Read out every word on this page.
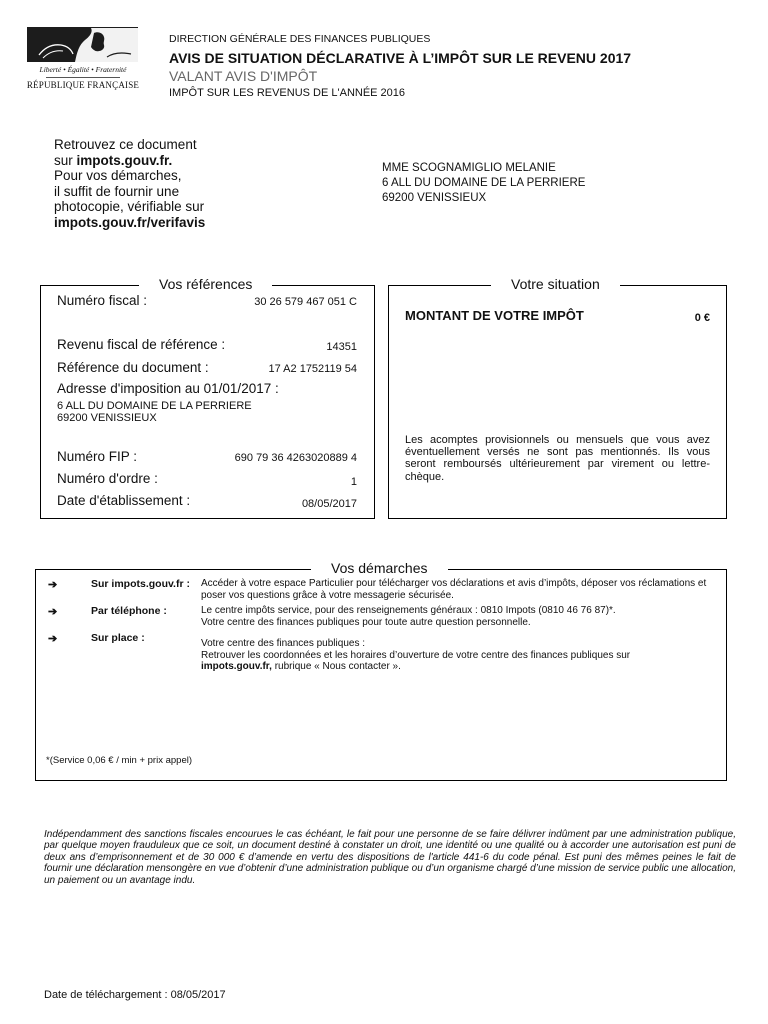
Liberté • Égalité • Fraternité
RÉPUBLIQUE FRANÇAISE
DIRECTION GÉNÉRALE DES FINANCES PUBLIQUES
AVIS DE SITUATION DÉCLARATIVE À L’IMPÔT SUR LE REVENU 2017
VALANT AVIS D'IMPÔT
IMPÔT SUR LES REVENUS DE L'ANNÉE 2016
Retrouvez ce document
sur impots.gouv.fr.
Pour vos démarches,
il suffit de fournir une
photocopie, vérifiable sur
impots.gouv.fr/verifavis
MME SCOGNAMIGLIO MELANIE
6 ALL DU DOMAINE DE LA PERRIERE
69200 VENISSIEUX
Vos références
Numéro fiscal :	30 26 579 467 051 C
Revenu fiscal de référence :	14351
Référence du document :	17 A2 1752119 54
Adresse d'imposition au 01/01/2017 :
6 ALL DU DOMAINE DE LA PERRIERE
69200 VENISSIEUX
Numéro FIP :	690 79 36 4263020889 4
Numéro d'ordre :	1
Date d'établissement :	08/05/2017
Votre situation
MONTANT DE VOTRE IMPÔT	0 €
Les acomptes provisionnels ou mensuels que vous avez éventuellement versés ne sont pas mentionnés. Ils vous seront remboursés ultérieurement par virement ou lettre-chèque.
Vos démarches
➔	Sur impots.gouv.fr : Accéder à votre espace Particulier pour télécharger vos déclarations et avis d’impôts, déposer vos réclamations et poser vos questions grâce à votre messagerie sécurisée.
➔	Par téléphone :	Le centre impôts service, pour des renseignements généraux : 0810 Impots (0810 46 76 87)*.
Votre centre des finances publiques pour toute autre question personnelle.
➔	Sur place :	Votre centre des finances publiques :
Retrouver les coordonnées et les horaires d’ouverture de votre centre des finances publiques sur
impots.gouv.fr, rubrique « Nous contacter ».
*(Service 0,06 € / min + prix appel)
Indépendamment des sanctions fiscales encourues le cas échéant, le fait pour une personne de se faire délivrer indûment par une administration publique, par quelque moyen frauduleux que ce soit, un document destiné à constater un droit, une identité ou une qualité ou à accorder une autorisation est puni de deux ans d’emprisonnement et de 30 000 € d’amende en vertu des dispositions de l'article 441-6 du code pénal. Est puni des mêmes peines le fait de fournir une déclaration mensongère en vue d’obtenir d’une administration publique ou d’un organisme chargé d’une mission de service public une allocation, un paiement ou un avantage indu.
Date de téléchargement : 08/05/2017
